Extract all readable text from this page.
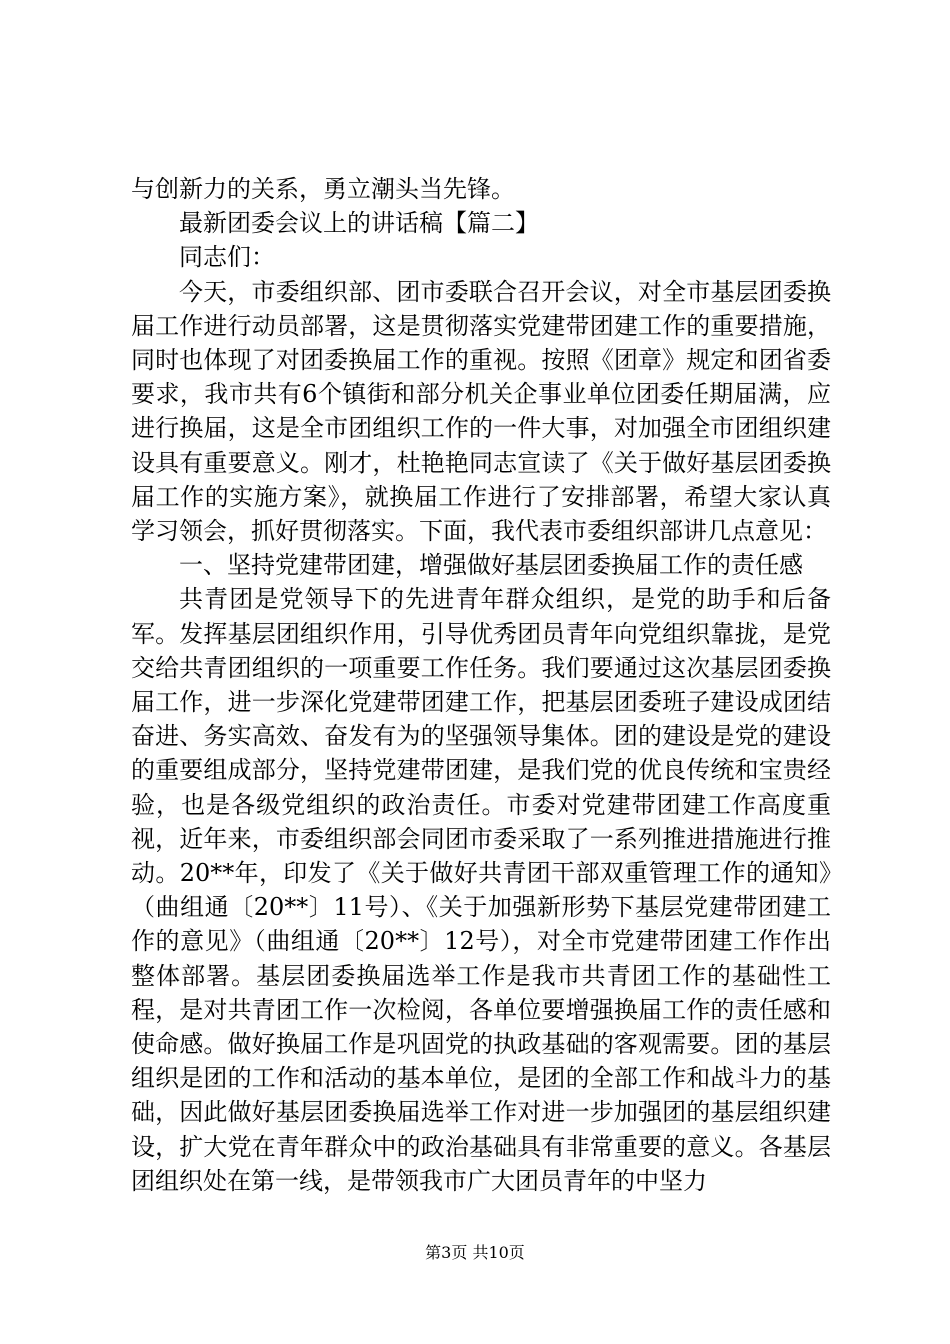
与创新力的关系，勇立潮头当先锋。

最新团委会议上的讲话稿【篇二】

同志们：

今天，市委组织部、团市委联合召开会议，对全市基层团委换届工作进行动员部署，这是贯彻落实党建带团建工作的重要措施，同时也体现了对团委换届工作的重视。按照《团章》规定和团省委要求，我市共有6个镇街和部分机关企事业单位团委任期届满，应进行换届，这是全市团组织工作的一件大事，对加强全市团组织建设具有重要意义。刚才，杜艳艳同志宣读了《关于做好基层团委换届工作的实施方案》，就换届工作进行了安排部署，希望大家认真学习领会，抓好贯彻落实。下面，我代表市委组织部讲几点意见：

一、坚持党建带团建，增强做好基层团委换届工作的责任感

共青团是党领导下的先进青年群众组织，是党的助手和后备军。发挥基层团组织作用，引导优秀团员青年向党组织靠拢，是党交给共青团组织的一项重要工作任务。我们要通过这次基层团委换届工作，进一步深化党建带团建工作，把基层团委班子建设成团结奋进、务实高效、奋发有为的坚强领导集体。团的建设是党的建设的重要组成部分，坚持党建带团建，是我们党的优良传统和宝贵经验，也是各级党组织的政治责任。市委对党建带团建工作高度重视，近年来，市委组织部会同团市委采取了一系列推进措施进行推动。20**年，印发了《关于做好共青团干部双重管理工作的通知》（曲组通〔20**〕11号）、《关于加强新形势下基层党建带团建工作的意见》（曲组通〔20**〕12号），对全市党建带团建工作作出整体部署。基层团委换届选举工作是我市共青团工作的基础性工程，是对共青团工作一次检阅，各单位要增强换届工作的责任感和使命感。做好换届工作是巩固党的执政基础的客观需要。团的基层组织是团的工作和活动的基本单位，是团的全部工作和战斗力的基础，因此做好基层团委换届选举工作对进一步加强团的基层组织建设，扩大党在青年群众中的政治基础具有非常重要的意义。各基层团组织处在第一线，是带领我市广大团员青年的中坚力

第3页 共10页
